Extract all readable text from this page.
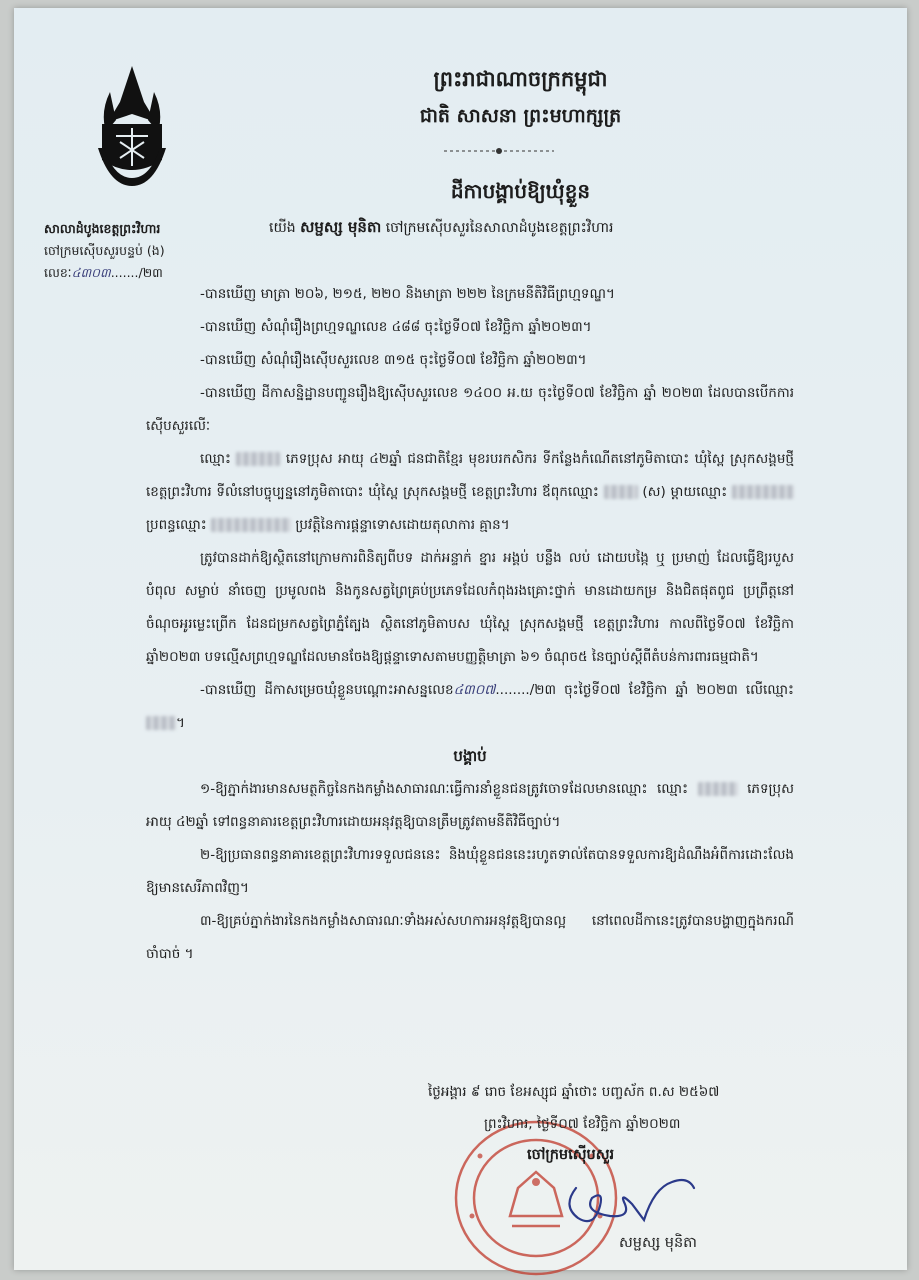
ព្រះរាជាណាចក្រកម្ពុជា
ជាតិ សាសនា ព្រះមហាក្សត្រ
ដីកាបង្គាប់ឱ្យឃុំខ្លួន
សាលាដំបូងខេត្តព្រះវិហារ
ចៅក្រមស៊ើបសួរបន្ទប់ (ង)
លេខៈ៤៣០៣......./២៣
យើង សម្ផស្ស មុនិតា ចៅក្រមស៊ើបសួរនៃសាលាដំបូងខេត្តព្រះវិហារ

-បានឃើញ មាត្រា ២០៦, ២១៥, ២២០ និងមាត្រា ២២២ នៃក្រមនីតិវិធីព្រហ្មទណ្ឌ។

-បានឃើញ សំណុំរឿងព្រហ្មទណ្ឌលេខ ៤៨៨ ចុះថ្ងៃទី០៧ ខែវិច្ឆិកា ឆ្នាំ២០២៣។

-បានឃើញ សំណុំរឿងស៊ើបសួរលេខ ៣១៥ ចុះថ្ងៃទី០៧ ខែវិច្ឆិកា ឆ្នាំ២០២៣។

-បានឃើញ ដីកាសន្និដ្ឋានបញ្ជូនរឿងឱ្យស៊ើបសួរលេខ ១៤០០ អ.យ ចុះថ្ងៃទី០៧ ខែវិច្ឆិកា ឆ្នាំ ២០២៣ ដែលបានបើកការស៊ើបសួរលើៈ

ឈ្មោះ	ភេទប្រុស អាយុ ៤២ឆ្នាំ ជនជាតិខ្មែរ មុខរបរកសិករ ទីកន្លែងកំណើតនៅភូមិតាបោះ ឃុំស្ពៃ ស្រុកសង្គមថ្មី ខេត្តព្រះវិហារ ទីលំនៅបច្ចុប្បន្ននៅភូមិតាបោះ ឃុំស្ពៃ ស្រុកសង្គមថ្មី ខេត្តព្រះវិហារ ឪពុកឈ្មោះ	(ស) ម្តាយឈ្មោះ  ប្រពន្ធឈ្មោះ	ប្រវត្តិនៃការផ្តន្ទាទោសដោយតុលាការ គ្មាន។

ត្រូវបានដាក់ឱ្យស្ថិតនៅក្រោមការពិនិត្យពីបទ ដាក់អន្ទាក់ ខ្នារ អង្គប់ បន្លឹង លប់ ដោយបង្កៃ ឬ ប្រមាញ់ ដែលធ្វើឱ្យរបួស បំពុល សម្លាប់ នាំចេញ ប្រមូលពង និងកូនសត្វព្រៃគ្រប់ប្រភេទដែលកំពុងរងគ្រោះថ្នាក់ មានដោយកម្រ និងជិតផុតពូជ ប្រព្រឹត្តនៅចំណុចអូរម្លេះព្រើក ដែនជម្រកសត្វព្រៃភ្នំត្បែង ស្ថិតនៅភូមិតាបស ឃុំស្ពៃ ស្រុកសង្គមថ្មី ខេត្តព្រះវិហារ កាលពីថ្ងៃទី០៧ ខែវិច្ឆិកា ឆ្នាំ២០២៣ បទល្មើសព្រហ្មទណ្ឌដែលមានចែងឱ្យផ្តន្ទាទោសតាមបញ្ញត្តិមាត្រា ៦១ ចំណុច៥ នៃច្បាប់ស្តីពីតំបន់ការពារធម្មជាតិ។

-បានឃើញ ដីកាសម្រេចឃុំខ្លួនបណ្តោះអាសន្នលេខ៤៣០៧......../២៣ ចុះថ្ងៃទី០៧ ខែវិច្ឆិកា ឆ្នាំ ២០២៣ លើឈ្មោះ ។

បង្គាប់

១-ឱ្យភ្នាក់ងារមានសមត្ថកិច្ចនៃកងកម្លាំងសាធារណៈធ្វើការនាំខ្លួនជនត្រូវចោទដែលមានឈ្មោះ ឈ្មោះ	ភេទប្រុស អាយុ ៤២ឆ្នាំ ទៅពន្ធនាគារខេត្តព្រះវិហារដោយអនុវត្តឱ្យបានត្រឹមត្រូវតាមនីតិវិធីច្បាប់។

២-ឱ្យប្រធានពន្ធនាគារខេត្តព្រះវិហារទទួលជននេះ និងឃុំខ្លួនជននេះរហូតទាល់តែបានទទួលការឱ្យដំណឹងអំពីការដោះលែងឱ្យមានសេរីភាពវិញ។

៣-ឱ្យគ្រប់ភ្នាក់ងារនៃកងកម្លាំងសាធារណៈទាំងអស់សហការអនុវត្តឱ្យបានល្អ នៅពេលដីកានេះត្រូវបានបង្ហាញក្នុងករណីចាំបាច់ ។

ថ្ងៃអង្គារ ៩ រោច ខែអស្សុជ ឆ្នាំថោះ បញ្ចស័ក ព.ស ២៥៦៧
ព្រះវិហារ, ថ្ងៃទី០៧ ខែវិច្ឆិកា ឆ្នាំ២០២៣
ចៅក្រមស៊ើបសួរ
សម្ផស្ស មុនិតា
